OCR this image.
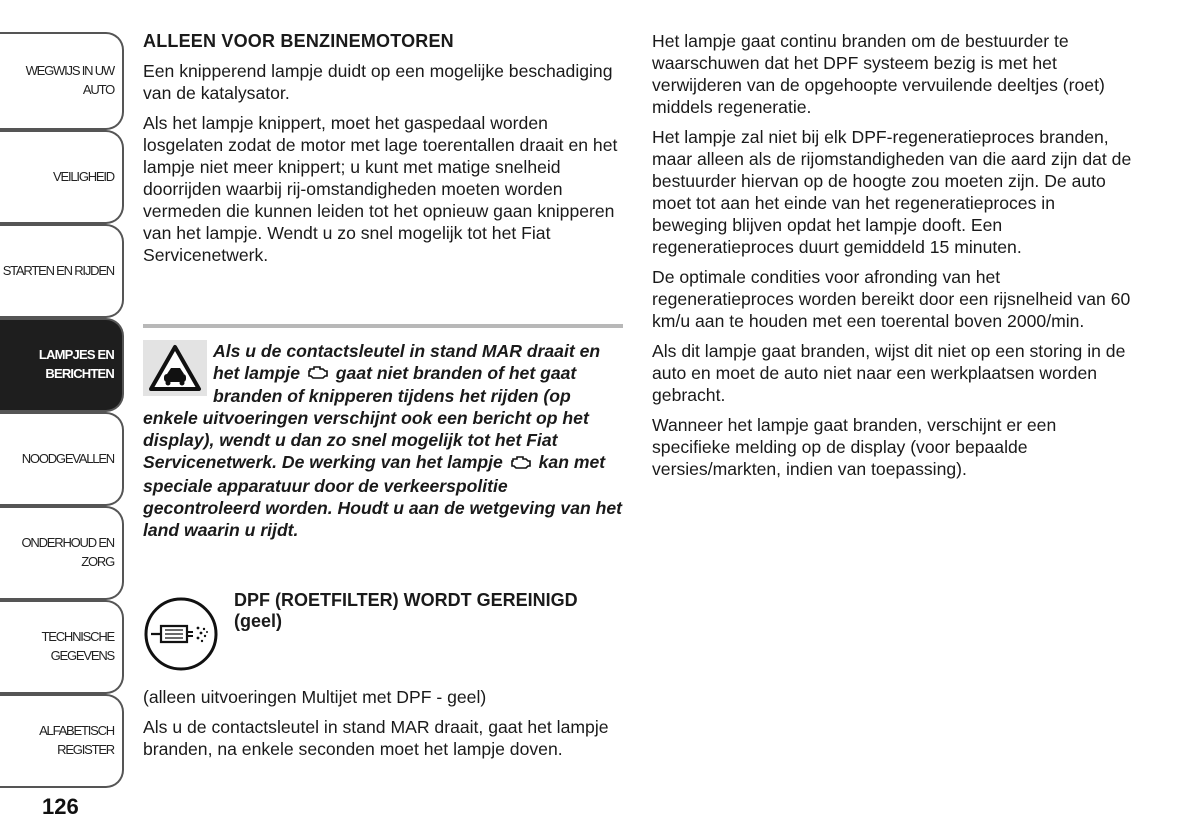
WEGWIJS IN UW
AUTO
VEILIGHEID
STARTEN EN RIJDEN
LAMPJES EN
BERICHTEN
NOODGEVALLEN
ONDERHOUD EN
ZORG
TECHNISCHE
GEGEVENS
ALFABETISCH
REGISTER
126
ALLEEN VOOR BENZINEMOTOREN

Een knipperend lampje duidt op een mogelijke beschadiging van de katalysator.

Als het lampje knippert, moet het gaspedaal worden losgelaten zodat de motor met lage toerentallen draait en het lampje niet meer knippert; u kunt met matige snelheid doorrijden waarbij rij-omstandigheden moeten worden vermeden die kunnen leiden tot het opnieuw gaan knipperen van het lampje. Wendt u zo snel mogelijk tot het Fiat Servicenetwerk.

Als u de contactsleutel in stand MAR draait en het lampje gaat niet branden of het gaat branden of knipperen tijdens het rijden (op enkele uitvoeringen verschijnt ook een bericht op het display), wendt u dan zo snel mogelijk tot het Fiat Servicenetwerk. De werking van het lampje kan met speciale apparatuur door de verkeerspolitie gecontroleerd worden. Houdt u aan de wetgeving van het land waarin u rijdt.
DPF (ROETFILTER) WORDT GEREINIGD (geel)

(alleen uitvoeringen Multijet met DPF - geel)

Als u de contactsleutel in stand MAR draait, gaat het lampje branden, na enkele seconden moet het lampje doven.

Het lampje gaat continu branden om de bestuurder te waarschuwen dat het DPF systeem bezig is met het verwijderen van de opgehoopte vervuilende deeltjes (roet) middels regeneratie.

Het lampje zal niet bij elk DPF-regeneratieproces branden, maar alleen als de rijomstandigheden van die aard zijn dat de bestuurder hiervan op de hoogte zou moeten zijn. De auto moet tot aan het einde van het regeneratieproces in beweging blijven opdat het lampje dooft. Een regeneratieproces duurt gemiddeld 15 minuten.

De optimale condities voor afronding van het regeneratieproces worden bereikt door een rijsnelheid van 60 km/u aan te houden met een toerental boven 2000/min.

Als dit lampje gaat branden, wijst dit niet op een storing in de auto en moet de auto niet naar een werkplaatsen worden gebracht.

Wanneer het lampje gaat branden, verschijnt er een specifieke melding op de display (voor bepaalde versies/markten, indien van toepassing).
